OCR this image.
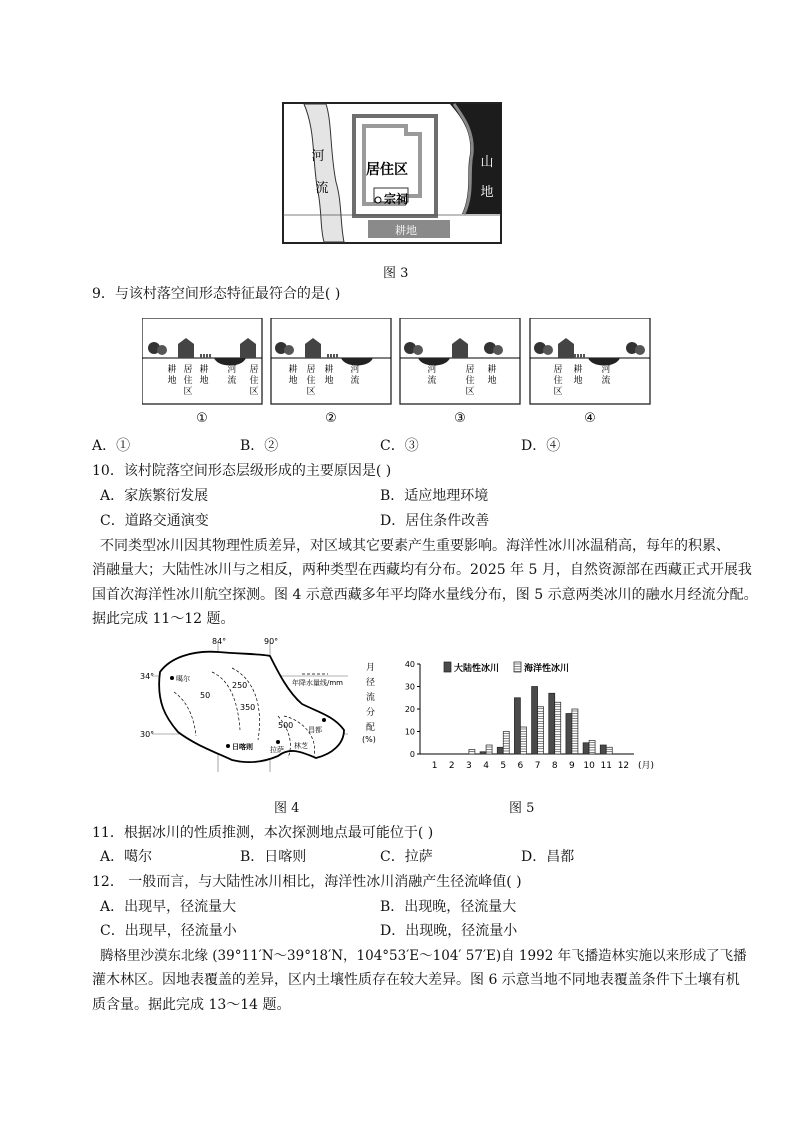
河
流
居住区
宗祠
耕地
山
地
图 3
9．与该村落空间形态特征最符合的是( )
耕
地
居
住
区
耕
地
河
流
居
住
区
①
耕
地
居
住
区
耕
地
河
流
②
河
流
居
住
区
耕
地
③
居
住
区
耕
地
河
流
④
A．①	B．②	C．③	D．④
10．该村院落空间形态层级形成的主要原因是( )
A．家族繁衍发展	B．适应地理环境
C．道路交通演变	D．居住条件改善
不同类型冰川因其物理性质差异，对区域其它要素产生重要影响。海洋性冰川冰温稍高，每年的积累、
消融量大；大陆性冰川与之相反，两种类型在西藏均有分布。2025 年 5 月，自然资源部在西藏正式开展我
国首次海洋性冰川航空探测。图 4 示意西藏多年平均降水量线分布，图 5 示意两类冰川的融水月经流分配。
据此完成 11～12 题。
84°	90°
34°
30°
年降水量线/mm
50
250
350
500
噶尔
日喀则 拉萨
昌都
林芝
图 4
月
径
流
分
配
(%)
0
10
20
30
40
1 2 3 4 5 6 7 8 9 10 11 12
大陆性冰川	海洋性冰川
(月)
图 5
11．根据冰川的性质推测，本次探测地点最可能位于( )
A．噶尔	B．日喀则	C．拉萨	D．昌都
12． 一般而言，与大陆性冰川相比，海洋性冰川消融产生径流峰值( )
A．出现早，径流量大	B．出现晚，径流量大
C．出现早，径流量小	D．出现晚，径流量小
腾格里沙漠东北缘 (39°11′N～39°18′N，104°53′E～104′ 57′E)自 1992 年飞播造林实施以来形成了飞播
灌木林区。因地表覆盖的差异，区内土壤性质存在较大差异。图 6 示意当地不同地表覆盖条件下土壤有机
质含量。据此完成 13～14 题。
